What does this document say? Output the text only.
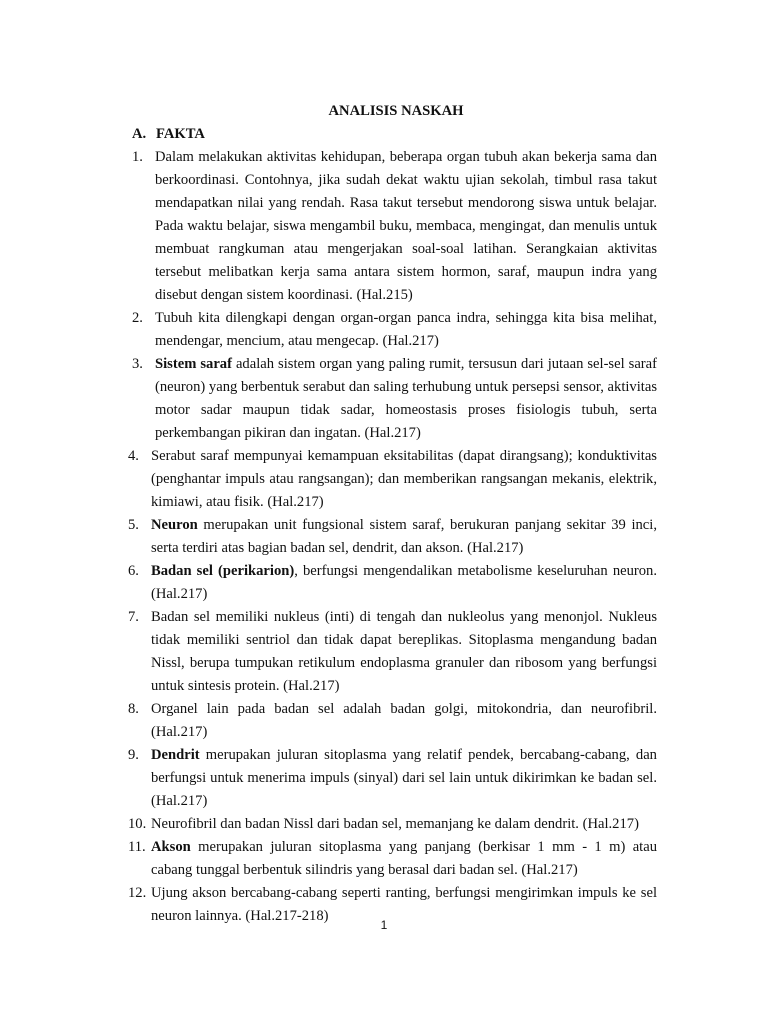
ANALISIS NASKAH
A. FAKTA
1. Dalam melakukan aktivitas kehidupan, beberapa organ tubuh akan bekerja sama dan berkoordinasi. Contohnya, jika sudah dekat waktu ujian sekolah, timbul rasa takut mendapatkan nilai yang rendah. Rasa takut tersebut mendorong siswa untuk belajar. Pada waktu belajar, siswa mengambil buku, membaca, mengingat, dan menulis untuk membuat rangkuman atau mengerjakan soal-soal latihan. Serangkaian aktivitas tersebut melibatkan kerja sama antara sistem hormon, saraf, maupun indra yang disebut dengan sistem koordinasi. (Hal.215)
2. Tubuh kita dilengkapi dengan organ-organ panca indra, sehingga kita bisa melihat, mendengar, mencium, atau mengecap. (Hal.217)
3. Sistem saraf adalah sistem organ yang paling rumit, tersusun dari jutaan sel-sel saraf (neuron) yang berbentuk serabut dan saling terhubung untuk persepsi sensor, aktivitas motor sadar maupun tidak sadar, homeostasis proses fisiologis tubuh, serta perkembangan pikiran dan ingatan. (Hal.217)
4. Serabut saraf mempunyai kemampuan eksitabilitas (dapat dirangsang); konduktivitas (penghantar impuls atau rangsangan); dan memberikan rangsangan mekanis, elektrik, kimiawi, atau fisik. (Hal.217)
5. Neuron merupakan unit fungsional sistem saraf, berukuran panjang sekitar 39 inci, serta terdiri atas bagian badan sel, dendrit, dan akson. (Hal.217)
6. Badan sel (perikarion), berfungsi mengendalikan metabolisme keseluruhan neuron. (Hal.217)
7. Badan sel memiliki nukleus (inti) di tengah dan nukleolus yang menonjol. Nukleus tidak memiliki sentriol dan tidak dapat bereplikas. Sitoplasma mengandung badan Nissl, berupa tumpukan retikulum endoplasma granuler dan ribosom yang berfungsi untuk sintesis protein. (Hal.217)
8. Organel lain pada badan sel adalah badan golgi, mitokondria, dan neurofibril. (Hal.217)
9. Dendrit merupakan juluran sitoplasma yang relatif pendek, bercabang-cabang, dan berfungsi untuk menerima impuls (sinyal) dari sel lain untuk dikirimkan ke badan sel. (Hal.217)
10. Neurofibril dan badan Nissl dari badan sel, memanjang ke dalam dendrit. (Hal.217)
11. Akson merupakan juluran sitoplasma yang panjang (berkisar 1 mm - 1 m) atau cabang tunggal berbentuk silindris yang berasal dari badan sel. (Hal.217)
12. Ujung akson bercabang-cabang seperti ranting, berfungsi mengirimkan impuls ke sel neuron lainnya. (Hal.217-218)
1
